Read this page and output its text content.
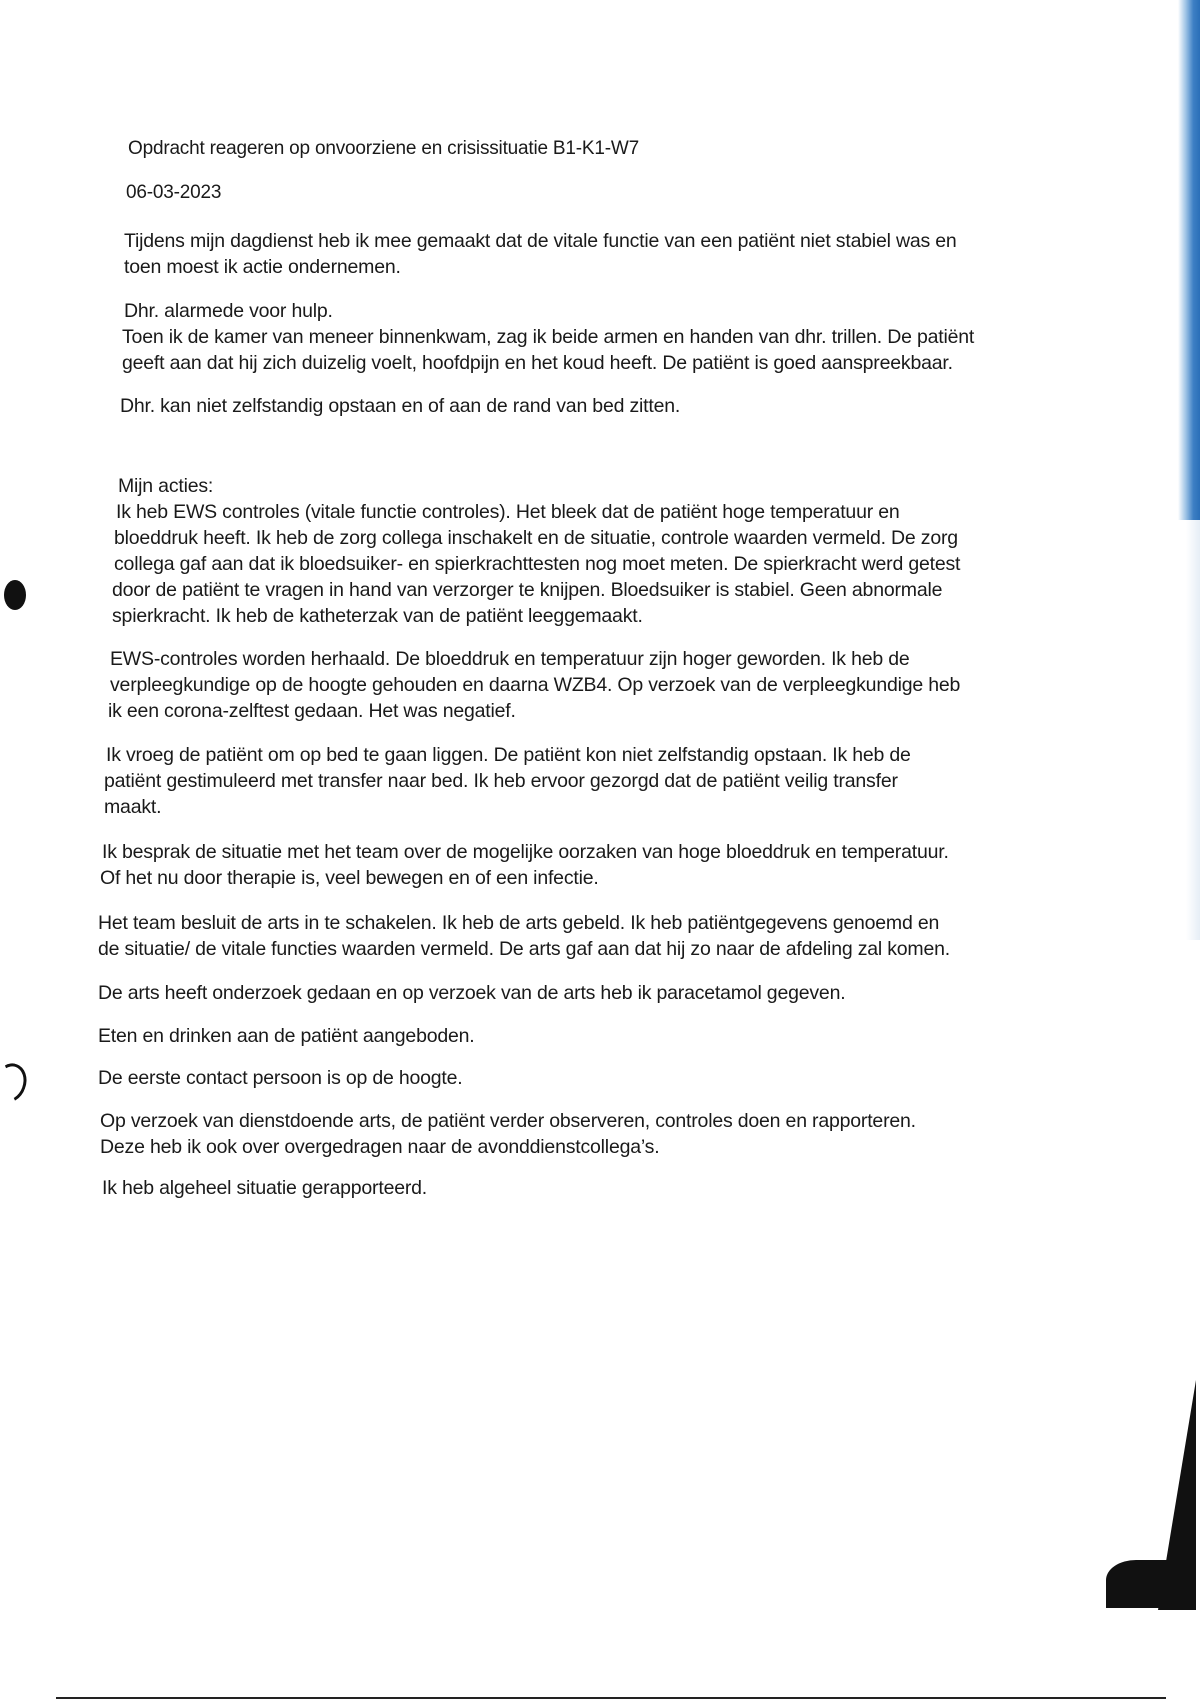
Opdracht reageren op onvoorziene en crisissituatie B1-K1-W7
06-03-2023
Tijdens mijn dagdienst heb ik mee gemaakt dat de vitale functie van een patiënt niet stabiel was en
toen moest ik actie ondernemen.
Dhr. alarmede voor hulp.
Toen ik de kamer van meneer binnenkwam, zag ik beide armen en handen van dhr. trillen. De patiënt
geeft aan dat hij zich duizelig voelt, hoofdpijn en het koud heeft. De patiënt is goed aanspreekbaar.
Dhr. kan niet zelfstandig opstaan en of aan de rand van bed zitten.
Mijn acties:
Ik heb EWS controles (vitale functie controles). Het bleek dat de patiënt hoge temperatuur en
bloeddruk heeft. Ik heb de zorg collega inschakelt en de situatie, controle waarden vermeld. De zorg
collega gaf aan dat ik bloedsuiker- en spierkrachttesten nog moet meten. De spierkracht werd getest
door de patiënt te vragen in hand van verzorger te knijpen. Bloedsuiker is stabiel. Geen abnormale
spierkracht. Ik heb de katheterzak van de patiënt leeggemaakt.
EWS-controles worden herhaald. De bloeddruk en temperatuur zijn hoger geworden. Ik heb de
verpleegkundige op de hoogte gehouden en daarna WZB4. Op verzoek van de verpleegkundige heb
ik een corona-zelftest gedaan. Het was negatief.
Ik vroeg de patiënt om op bed te gaan liggen. De patiënt kon niet zelfstandig opstaan. Ik heb de
patiënt gestimuleerd met transfer naar bed. Ik heb ervoor gezorgd dat de patiënt veilig transfer
maakt.
Ik besprak de situatie met het team over de mogelijke oorzaken van hoge bloeddruk en temperatuur.
Of het nu door therapie is, veel bewegen en of een infectie.
Het team besluit de arts in te schakelen. Ik heb de arts gebeld. Ik heb patiëntgegevens genoemd en
de situatie/ de vitale functies waarden vermeld. De arts gaf aan dat hij zo naar de afdeling zal komen.
De arts heeft onderzoek gedaan en op verzoek van de arts heb ik paracetamol gegeven.
Eten en drinken aan de patiënt aangeboden.
De eerste contact persoon is op de hoogte.
Op verzoek van dienstdoende arts, de patiënt verder observeren, controles doen en rapporteren.
Deze heb ik ook over overgedragen naar de avonddienstcollega’s.
Ik heb algeheel situatie gerapporteerd.
